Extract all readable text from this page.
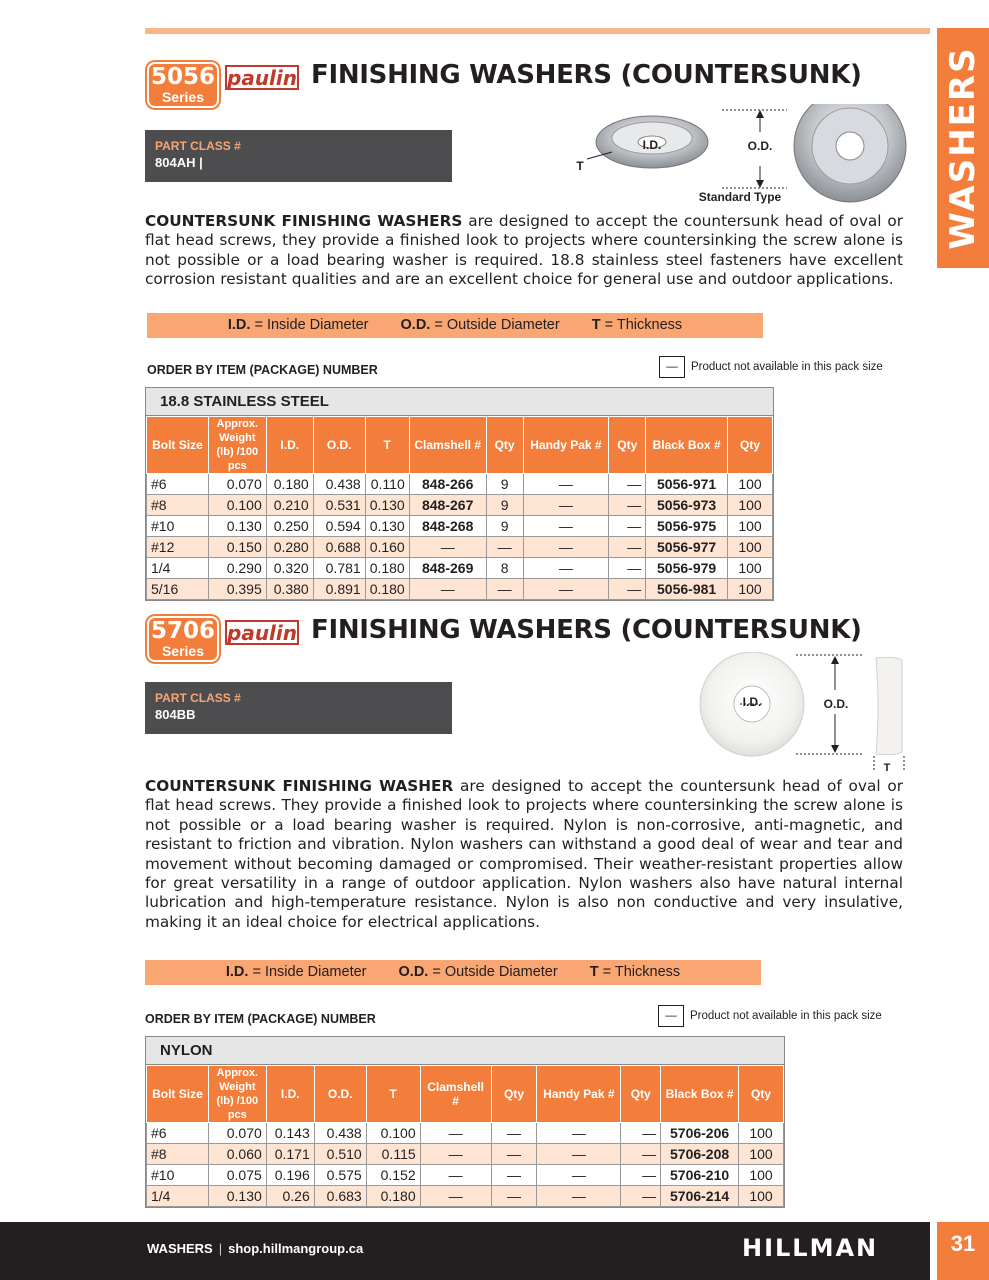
WASHERS
5056
Series
paulin FINISHING WASHERS (COUNTERSUNK)
PART CLASS #
804AH |
I.D.	O.D.
T
Standard Type
COUNTERSUNK FINISHING WASHERS are designed to accept the countersunk head of oval or flat head screws, they provide a finished look to projects where countersinking the screw alone is not possible or a load bearing washer is required. 18.8 stainless steel fasteners have excellent corrosion resistant qualities and are an excellent choice for general use and outdoor applications.
I.D. = Inside Diameter O.D. = Outside Diameter T = Thickness
ORDER BY ITEM (PACKAGE) NUMBER	— Product not available in this pack size
18.8 STAINLESS STEEL
Bolt Size	Approx. Weight (lb) /100 pcs	I.D.	O.D.	T	Clamshell #	Qty	Handy Pak #	Qty	Black Box #	Qty
#6	0.070	0.180	0.438	0.110	848-266	9	—	—	5056-971	100
#8	0.100	0.210	0.531	0.130	848-267	9	—	—	5056-973	100
#10	0.130	0.250	0.594	0.130	848-268	9	—	—	5056-975	100
#12	0.150	0.280	0.688	0.160	—	—	—	—	5056-977	100
1/4	0.290	0.320	0.781	0.180	848-269	8	—	—	5056-979	100
5/16	0.395	0.380	0.891	0.180	—	—	—	—	5056-981	100
5706
Series
paulin FINISHING WASHERS (COUNTERSUNK)
PART CLASS #
804BB
I.D.	O.D.
T
COUNTERSUNK FINISHING WASHER are designed to accept the countersunk head of oval or flat head screws. They provide a finished look to projects where countersinking the screw alone is not possible or a load bearing washer is required. Nylon is non-corrosive, anti-magnetic, and resistant to friction and vibration. Nylon washers can withstand a good deal of wear and tear and movement without becoming damaged or compromised. Their weather-resistant properties allow for great versatility in a range of outdoor application. Nylon washers also have natural internal lubrication and high-temperature resistance. Nylon is also non conductive and very insulative, making it an ideal choice for electrical applications.
I.D. = Inside Diameter O.D. = Outside Diameter T = Thickness
ORDER BY ITEM (PACKAGE) NUMBER	— Product not available in this pack size
NYLON
Bolt Size	Approx. Weight (lb) /100 pcs	I.D.	O.D.	T	Clamshell #	Qty	Handy Pak #	Qty	Black Box #	Qty
#6	0.070	0.143	0.438	0.100	—	—	—	—	5706-206	100
#8	0.060	0.171	0.510	0.115	—	—	—	—	5706-208	100
#10	0.075	0.196	0.575	0.152	—	—	—	—	5706-210	100
1/4	0.130	0.26	0.683	0.180	—	—	—	—	5706-214	100
WASHERS | shop.hillmangroup.ca	HILLMAN	31
